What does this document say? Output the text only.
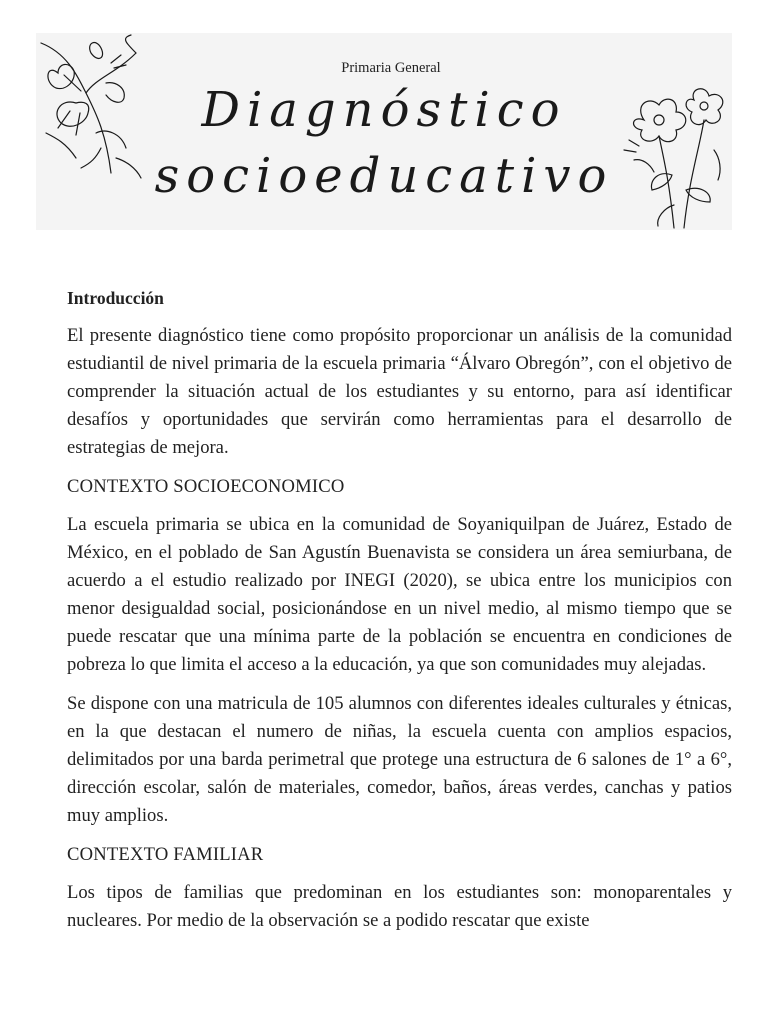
Primaria General
Diagnóstico
socioeducativo
Introducción

El presente diagnóstico tiene como propósito proporcionar un análisis de la comunidad estudiantil de nivel primaria de la escuela primaria “Álvaro Obregón”, con el objetivo de comprender la situación actual de los estudiantes y su entorno, para así identificar desafíos y oportunidades que servirán como herramientas para el desarrollo de estrategias de mejora.

CONTEXTO SOCIOECONOMICO

La escuela primaria se ubica en la comunidad de Soyaniquilpan de Juárez, Estado de México, en el poblado de San Agustín Buenavista se considera un área semiurbana, de acuerdo a el estudio realizado por INEGI (2020), se ubica entre los municipios con menor desigualdad social, posicionándose en un nivel medio, al mismo tiempo que se puede rescatar que una mínima parte de la población se encuentra en condiciones de pobreza lo que limita el acceso a la educación, ya que son comunidades muy alejadas.

Se dispone con una matricula de 105 alumnos con diferentes ideales culturales y étnicas, en la que destacan el numero de niñas, la escuela cuenta con amplios espacios, delimitados por una barda perimetral que protege una estructura de 6 salones de 1° a 6°, dirección escolar, salón de materiales, comedor, baños, áreas verdes, canchas y patios muy amplios.

CONTEXTO FAMILIAR

Los tipos de familias que predominan en los estudiantes son: monoparentales y nucleares. Por medio de la observación se a podido rescatar que existe
